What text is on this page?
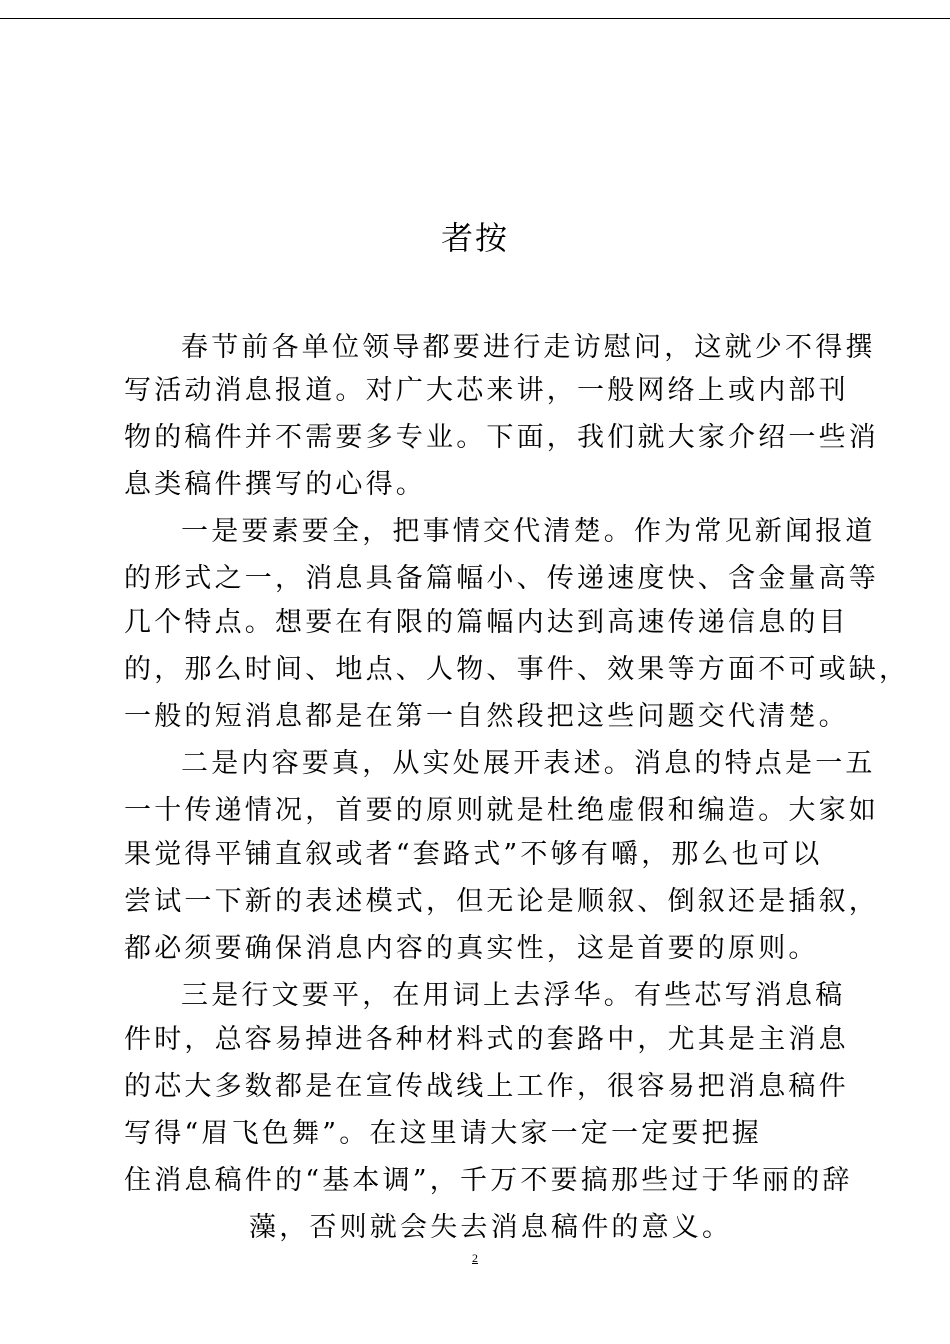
者按
春节前各单位领导都要进行走访慰问，这就少不得撰
写活动消息报道。对广大芯来讲，一般网络上或内部刊
物的稿件并不需要多专业。下面，我们就大家介绍一些消
息类稿件撰写的心得。
一是要素要全，把事情交代清楚。作为常见新闻报道
的形式之一，消息具备篇幅小、传递速度快、含金量高等
几个特点。想要在有限的篇幅内达到高速传递信息的目
的，那么时间、地点、人物、事件、效果等方面不可或缺，
一般的短消息都是在第一自然段把这些问题交代清楚。
二是内容要真，从实处展开表述。消息的特点是一五
一十传递情况，首要的原则就是杜绝虚假和编造。大家如
果觉得平铺直叙或者“套路式”不够有嚼，那么也可以
尝试一下新的表述模式，但无论是顺叙、倒叙还是插叙，
都必须要确保消息内容的真实性，这是首要的原则。
三是行文要平，在用词上去浮华。有些芯写消息稿
件时，总容易掉进各种材料式的套路中，尤其是主消息
的芯大多数都是在宣传战线上工作，很容易把消息稿件
写得“眉飞色舞”。在这里请大家一定一定要把握
住消息稿件的“基本调”，千万不要搞那些过于华丽的辞
藻，否则就会失去消息稿件的意义。
2
